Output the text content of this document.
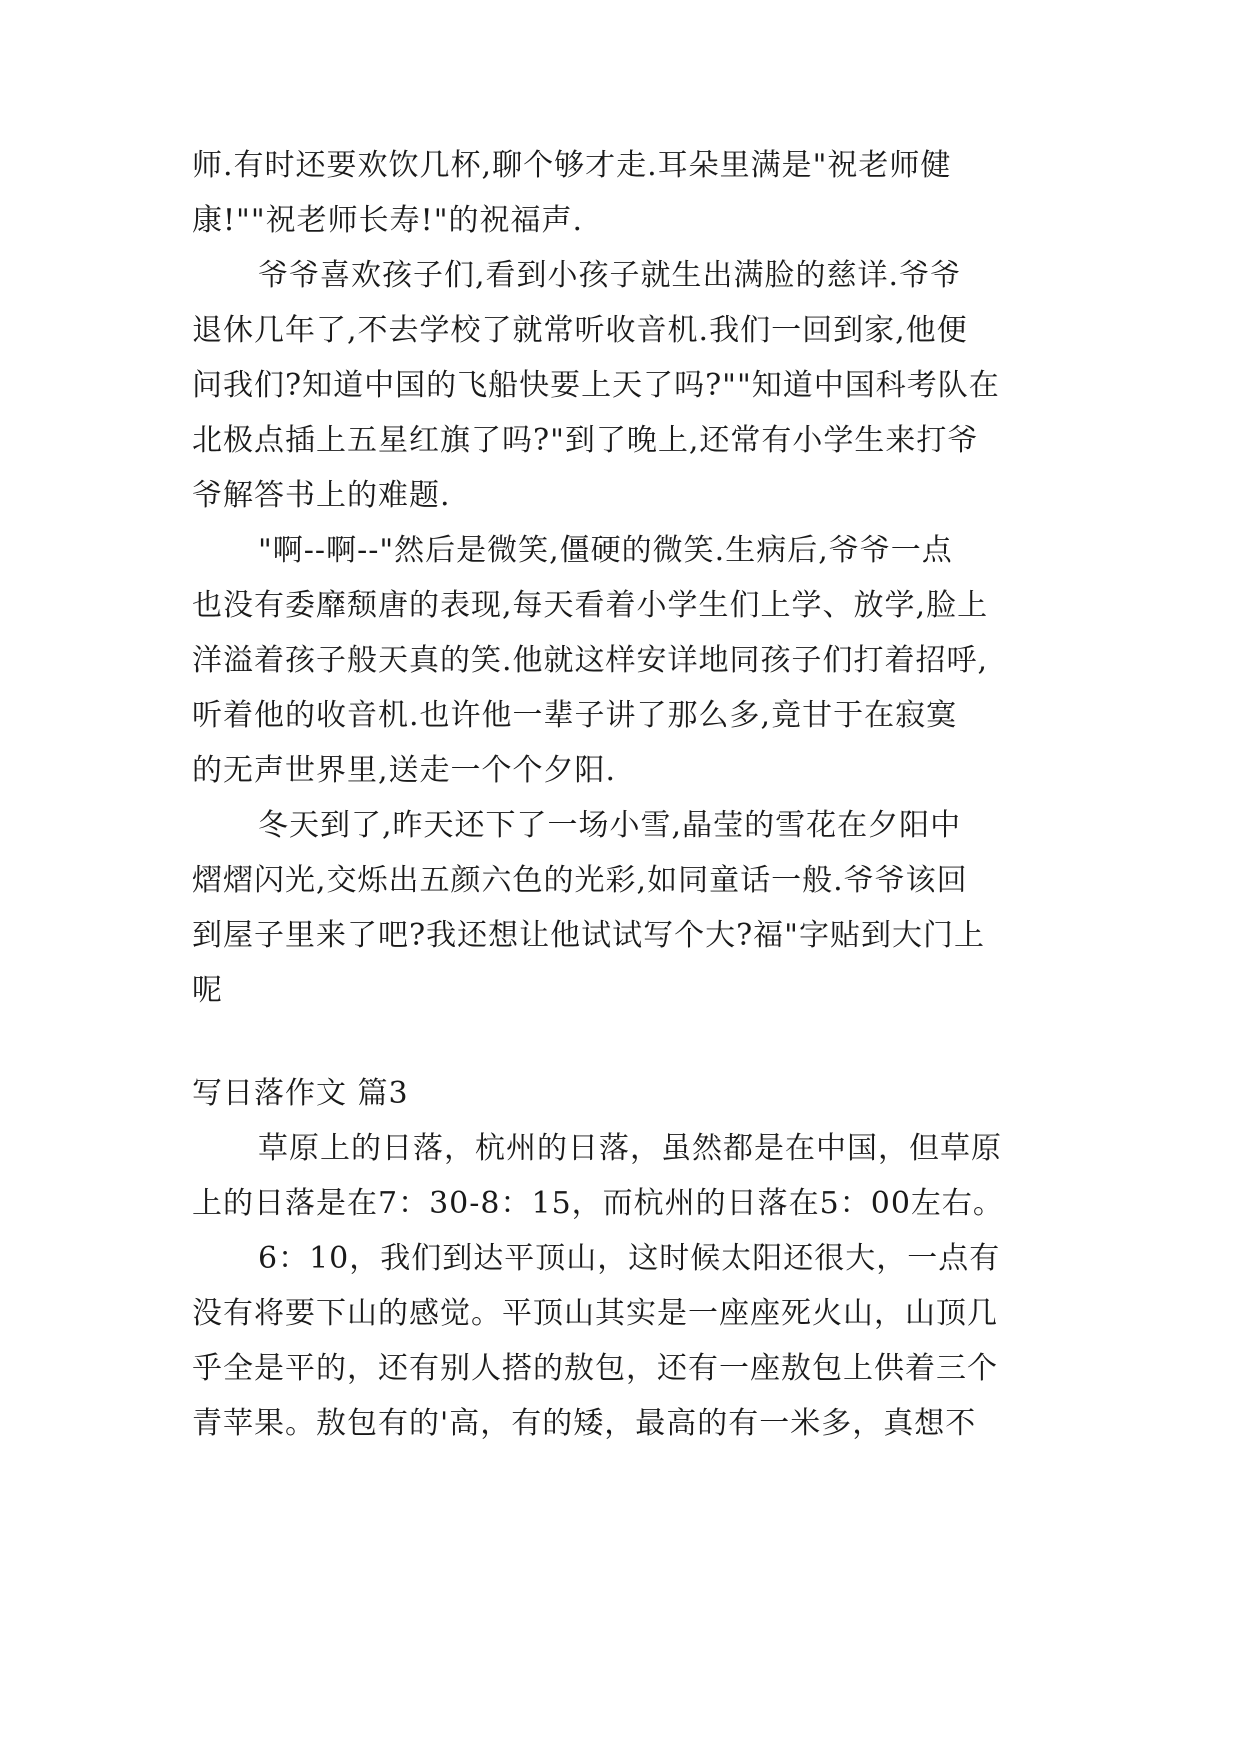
师.有时还要欢饮几杯,聊个够才走.耳朵里满是"祝老师健
康!""祝老师长寿!"的祝福声.
爷爷喜欢孩子们,看到小孩子就生出满脸的慈详.爷爷
退休几年了,不去学校了就常听收音机.我们一回到家,他便
问我们?知道中国的飞船快要上天了吗?""知道中国科考队在
北极点插上五星红旗了吗?"到了晚上,还常有小学生来打爷
爷解答书上的难题.
"啊--啊--"然后是微笑,僵硬的微笑.生病后,爷爷一点
也没有委靡颓唐的表现,每天看着小学生们上学、放学,脸上
洋溢着孩子般天真的笑.他就这样安详地同孩子们打着招呼,
听着他的收音机.也许他一辈子讲了那么多,竟甘于在寂寞
的无声世界里,送走一个个夕阳.
冬天到了,昨天还下了一场小雪,晶莹的雪花在夕阳中
熠熠闪光,交烁出五颜六色的光彩,如同童话一般.爷爷该回
到屋子里来了吧?我还想让他试试写个大?福"字贴到大门上
呢
写日落作文 篇3
草原上的日落，杭州的日落，虽然都是在中国，但草原
上的日落是在7：30-8：15，而杭州的日落在5：00左右。
6：10，我们到达平顶山，这时候太阳还很大，一点有
没有将要下山的感觉。平顶山其实是一座座死火山，山顶几
乎全是平的，还有别人搭的敖包，还有一座敖包上供着三个
青苹果。敖包有的'高，有的矮，最高的有一米多，真想不
